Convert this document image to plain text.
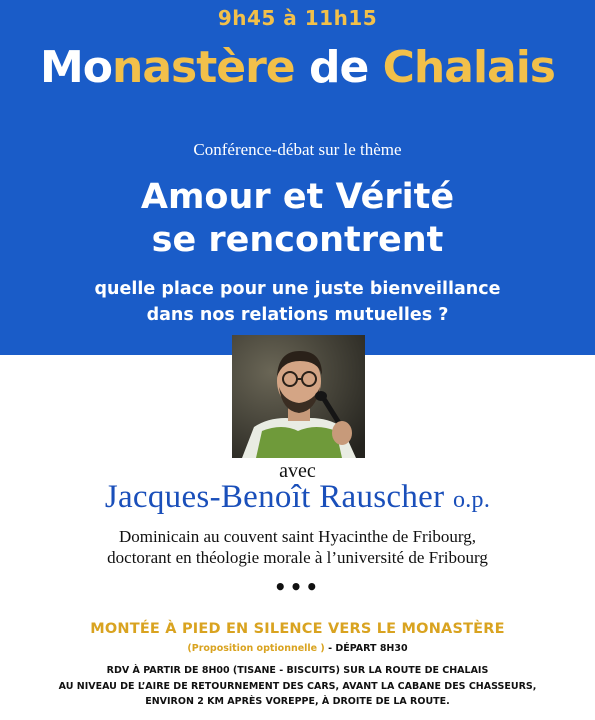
9h45 à 11h15
Monastère de Chalais
Conférence-débat sur le thème
Amour et Vérité
se rencontrent
quelle place pour une juste bienveillance
dans nos relations mutuelles ?
avec
Jacques-Benoît Rauscher o.p.
Dominicain au couvent saint Hyacinthe de Fribourg,
doctorant en théologie morale à l’université de Fribourg
•••
MONTÉE À PIED EN SILENCE VERS LE MONASTÈRE
(Proposition optionnelle ) - DÉPART 8H30
RDV À PARTIR DE 8H00 (TISANE - BISCUITS) SUR LA ROUTE DE CHALAIS
AU NIVEAU DE L’AIRE DE RETOURNEMENT DES CARS, AVANT LA CABANE DES CHASSEURS,
ENVIRON 2 KM APRÈS VOREPPE, À DROITE DE LA ROUTE.
